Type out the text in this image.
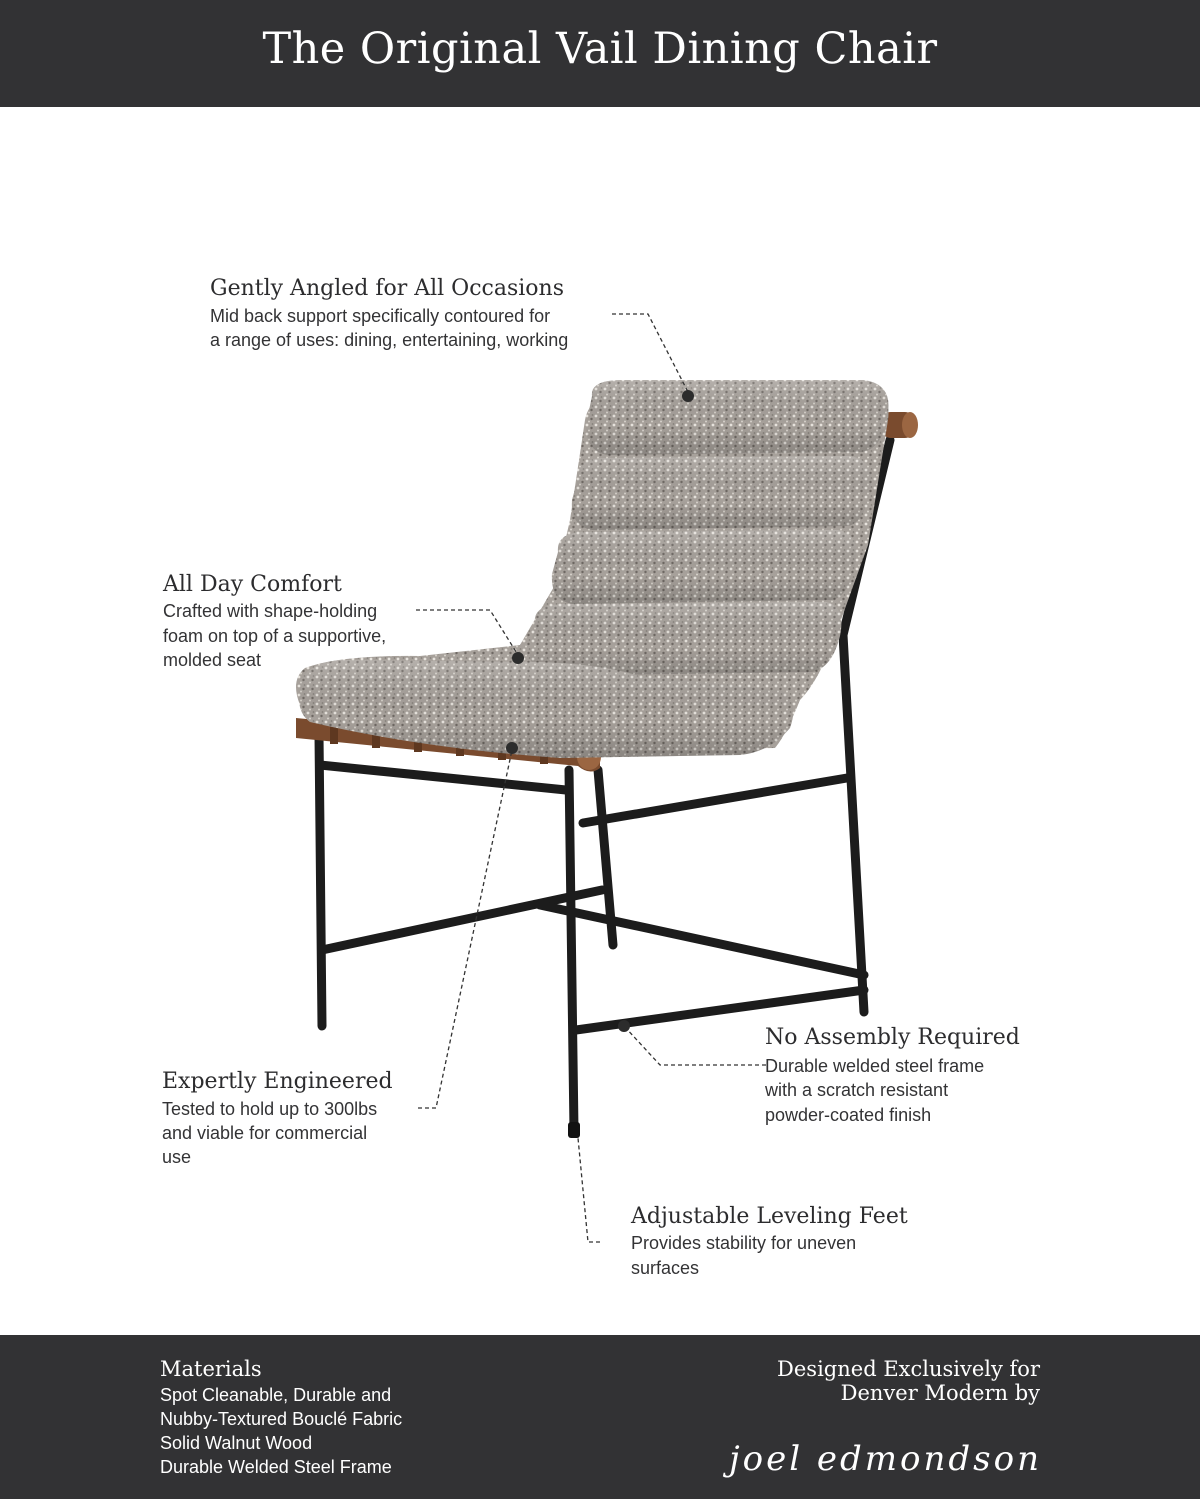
The Original Vail Dining Chair
Gently Angled for All Occasions
Mid back support specifically contoured for
a range of uses: dining, entertaining, working
All Day Comfort
Crafted with shape-holding
foam on top of a supportive,
molded seat
No Assembly Required
Durable welded steel frame
with a scratch resistant
powder-coated finish
Expertly Engineered
Tested to hold up to 300lbs
and viable for commercial
use
Adjustable Leveling Feet
Provides stability for uneven
surfaces
Materials
Spot Cleanable, Durable and
Nubby-Textured Bouclé Fabric
Solid Walnut Wood
Durable Welded Steel Frame
Designed Exclusively for
Denver Modern by
joel edmondson
